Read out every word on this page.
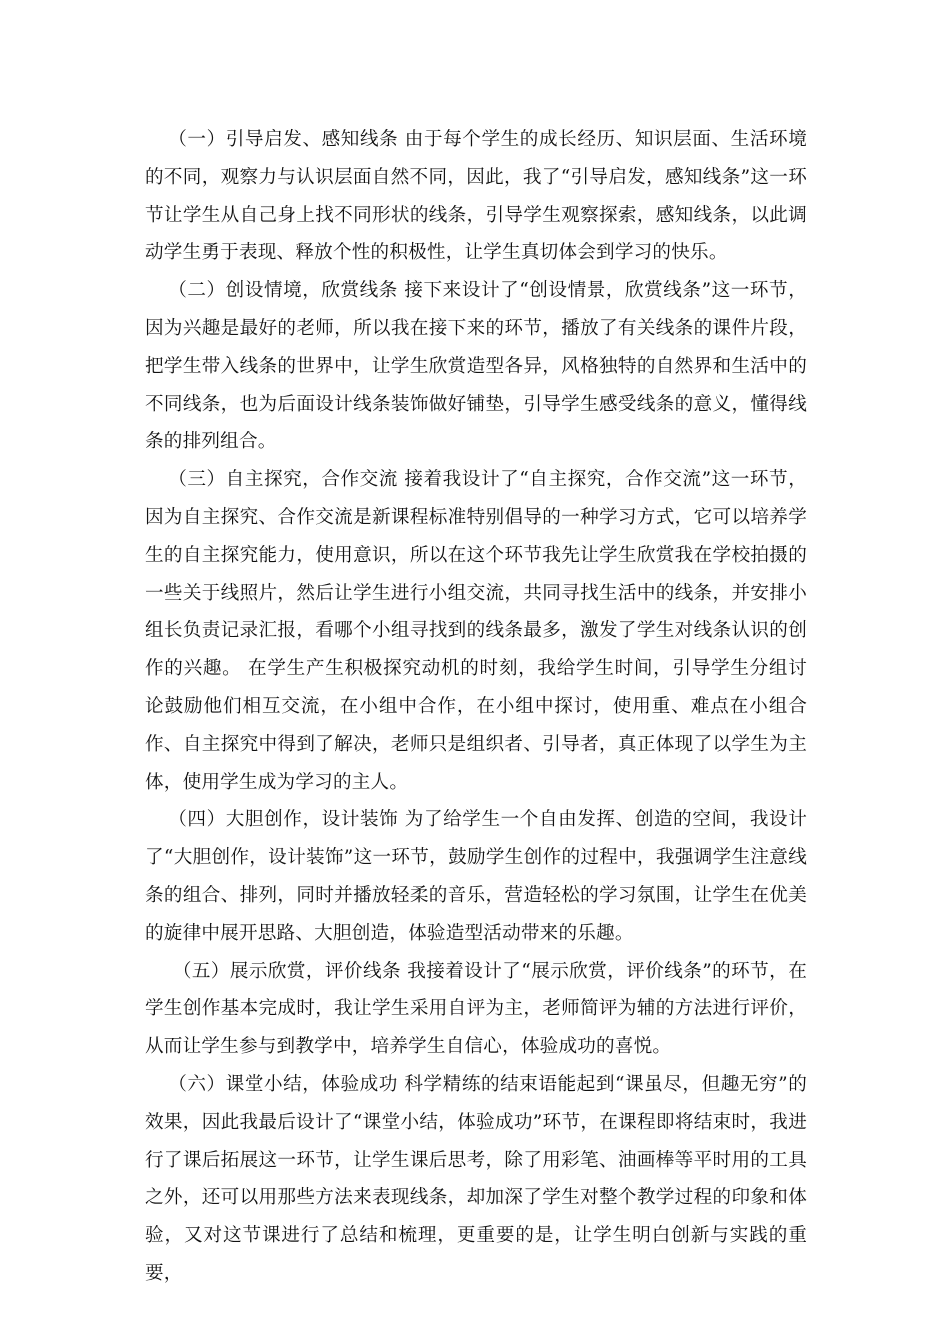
（一）引导启发、感知线条 由于每个学生的成长经历、知识层面、生活环境的不同，观察力与认识层面自然不同，因此，我了“引导启发，感知线条”这一环节让学生从自己身上找不同形状的线条，引导学生观察探索，感知线条，以此调动学生勇于表现、释放个性的积极性，让学生真切体会到学习的快乐。

（二）创设情境，欣赏线条 接下来设计了“创设情景，欣赏线条”这一环节，因为兴趣是最好的老师，所以我在接下来的环节，播放了有关线条的课件片段，把学生带入线条的世界中，让学生欣赏造型各异，风格独特的自然界和生活中的不同线条，也为后面设计线条装饰做好铺垫，引导学生感受线条的意义，懂得线条的排列组合。

（三）自主探究，合作交流 接着我设计了“自主探究，合作交流”这一环节，因为自主探究、合作交流是新课程标准特别倡导的一种学习方式，它可以培养学生的自主探究能力，使用意识，所以在这个环节我先让学生欣赏我在学校拍摄的一些关于线照片，然后让学生进行小组交流，共同寻找生活中的线条，并安排小组长负责记录汇报，看哪个小组寻找到的线条最多，激发了学生对线条认识的创作的兴趣。 在学生产生积极探究动机的时刻，我给学生时间，引导学生分组讨论鼓励他们相互交流，在小组中合作，在小组中探讨，使用重、难点在小组合作、自主探究中得到了解决，老师只是组织者、引导者，真正体现了以学生为主体，使用学生成为学习的主人。

（四）大胆创作，设计装饰 为了给学生一个自由发挥、创造的空间，我设计了“大胆创作，设计装饰”这一环节，鼓励学生创作的过程中，我强调学生注意线条的组合、排列，同时并播放轻柔的音乐，营造轻松的学习氛围，让学生在优美的旋律中展开思路、大胆创造，体验造型活动带来的乐趣。

（五）展示欣赏，评价线条 我接着设计了“展示欣赏，评价线条”的环节，在学生创作基本完成时，我让学生采用自评为主，老师简评为辅的方法进行评价，从而让学生参与到教学中，培养学生自信心，体验成功的喜悦。

（六）课堂小结，体验成功 科学精练的结束语能起到“课虽尽，但趣无穷”的效果，因此我最后设计了“课堂小结，体验成功”环节，在课程即将结束时，我进行了课后拓展这一环节，让学生课后思考，除了用彩笔、油画棒等平时用的工具之外，还可以用那些方法来表现线条，却加深了学生对整个教学过程的印象和体验，又对这节课进行了总结和梳理，更重要的是，让学生明白创新与实践的重要，
